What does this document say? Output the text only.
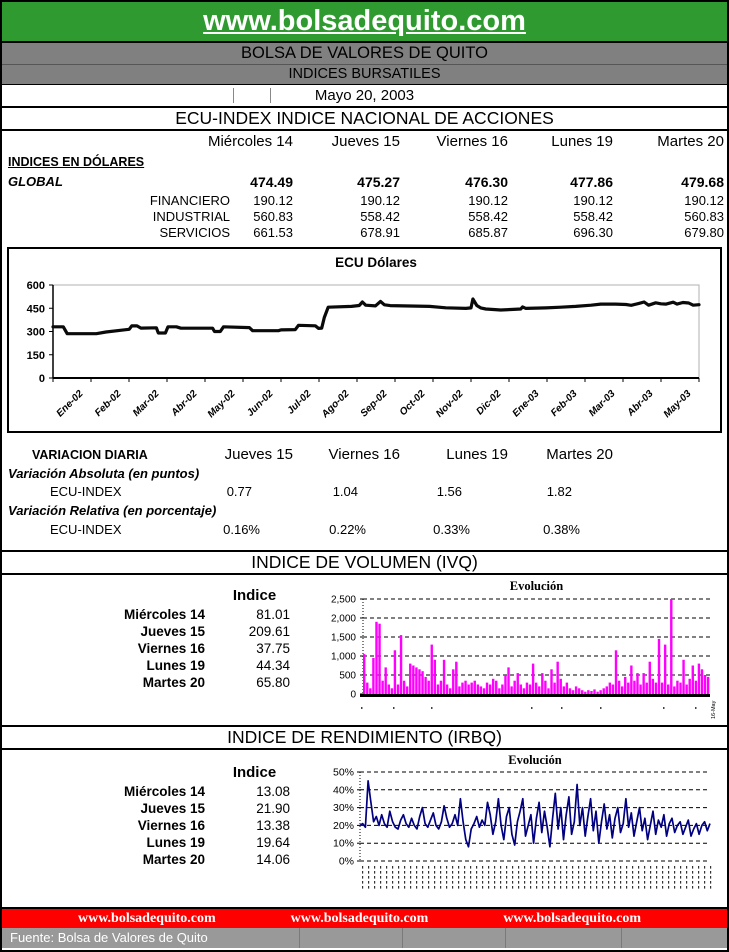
www.bolsadequito.com
BOLSA DE VALORES DE QUITO
INDICES BURSATILES
Mayo 20, 2003
ECU-INDEX INDICE NACIONAL DE ACCIONES
Miércoles 14	Jueves 15 Viernes 16	Lunes 19	Martes 20
INDICES EN DÓLARES
GLOBAL	474.49	475.27	476.30	477.86	479.68
FINANCIERO 190.12	190.12	190.12	190.12	190.12
INDUSTRIAL 560.83	558.42	558.42	558.42	560.83
SERVICIOS 661.53	678.91	685.87	696.30	679.80
ECU Dólares
600
450
300
150
0
Ene-02 Feb-02 Mar-02 Abr-02 May-02 Jun-02 Jul-02 Ago-02 Sep-02 Oct-02 Nov-02 Dic-02 Ene-03 Feb-03 Mar-03 Abr-03 May-03
VARIACION DIARIA	Jueves 15 Viernes 16	Lunes 19	Martes 20
Variación Absoluta (en puntos)
ECU-INDEX	0.77	1.04	1.56	1.82
Variación Relativa (en porcentaje)
ECU-INDEX	0.16%	0.22%	0.33%	0.38%
INDICE DE VOLUMEN (IVQ)
Indice
Miércoles 14	81.01
Jueves 15	209.61
Viernes 16	37.75
Lunes 19	44.34
Martes 20	65.80
Evolución
2,500
2,000
1,500
1,000
500
0
16-May
INDICE DE RENDIMIENTO (IRBQ)
Indice
Miércoles 14	13.08
Jueves 15	21.90
Viernes 16	13.38
Lunes 19	19.64
Martes 20	14.06
Evolución
50%
40%
30%
20%
10%
0%
www.bolsadequito.com	www.bolsadequito.com	www.bolsadequito.com
Fuente: Bolsa de Valores de Quito
